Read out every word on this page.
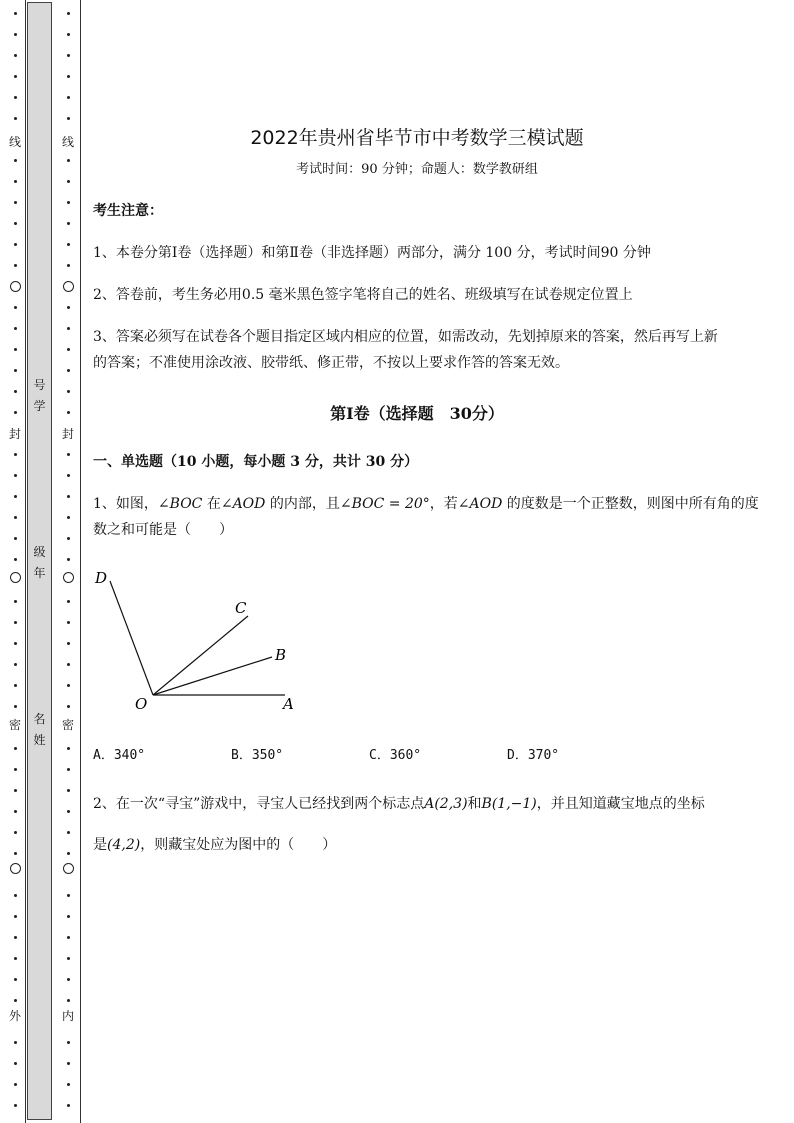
线
封
密
外
线
封
密
内
号
学
级
年
名
姓
2022年贵州省毕节市中考数学三模试题
考试时间：90 分钟；命题人：数学教研组
考生注意：
1、本卷分第Ⅰ卷（选择题）和第Ⅱ卷（非选择题）两部分，满分 100 分，考试时间90 分钟
2、答卷前，考生务必用0.5 毫米黑色签字笔将自己的姓名、班级填写在试卷规定位置上
3、答案必须写在试卷各个题目指定区域内相应的位置，如需改动，先划掉原来的答案，然后再写上新
的答案；不准使用涂改液、胶带纸、修正带，不按以上要求作答的答案无效。
第Ⅰ卷（选择题　30分）
一、单选题（10 小题，每小题 3 分，共计 30 分）
1、如图，∠BOC 在∠AOD 的内部，且∠BOC = 20°，若∠AOD 的度数是一个正整数，则图中所有角的度
数之和可能是（　　）
D
C
B
O	A
A．340°	B．350°	C．360°	D．370°
2、在一次“寻宝”游戏中，寻宝人已经找到两个标志点A(2,3)和B(1,−1)，并且知道藏宝地点的坐标
是(4,2)，则藏宝处应为图中的（　　）
